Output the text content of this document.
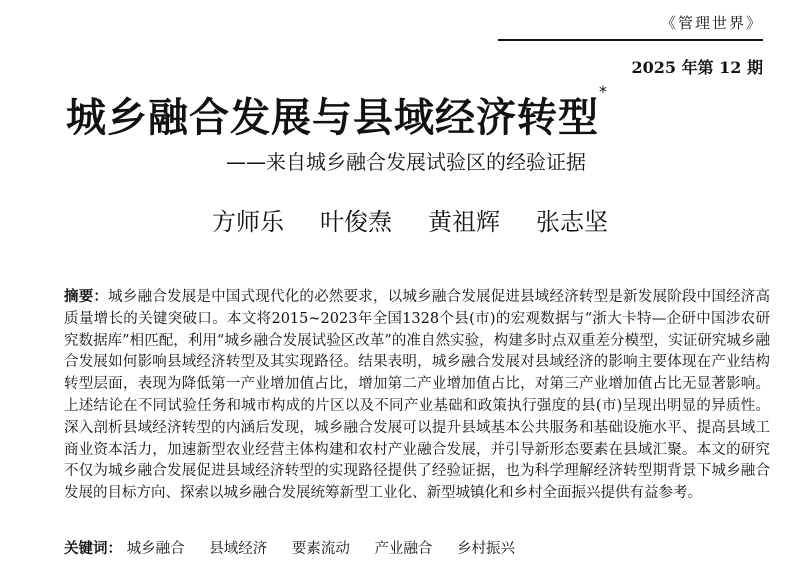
《管理世界》
2025 年第 12 期
城乡融合发展与县域经济转型*
——来自城乡融合发展试验区的经验证据
方师乐 叶俊焘 黄祖辉 张志坚
摘要：城乡融合发展是中国式现代化的必然要求，以城乡融合发展促进县域经济转型是新发展阶段中国经济高质量增长的关键突破口。本文将2015~2023年全国1328个县(市)的宏观数据与“浙大卡特—企研中国涉农研究数据库”相匹配，利用“城乡融合发展试验区改革”的准自然实验，构建多时点双重差分模型，实证研究城乡融合发展如何影响县域经济转型及其实现路径。结果表明，城乡融合发展对县域经济的影响主要体现在产业结构转型层面，表现为降低第一产业增加值占比，增加第二产业增加值占比，对第三产业增加值占比无显著影响。上述结论在不同试验任务和城市构成的片区以及不同产业基础和政策执行强度的县(市)呈现出明显的异质性。深入剖析县域经济转型的内涵后发现，城乡融合发展可以提升县域基本公共服务和基础设施水平、提高县域工商业资本活力，加速新型农业经营主体构建和农村产业融合发展，并引导新形态要素在县域汇聚。本文的研究不仅为城乡融合发展促进县域经济转型的实现路径提供了经验证据，也为科学理解经济转型期背景下城乡融合发展的目标方向、探索以城乡融合发展统筹新型工业化、新型城镇化和乡村全面振兴提供有益参考。
关键词： 城乡融合 县域经济 要素流动 产业融合 乡村振兴
